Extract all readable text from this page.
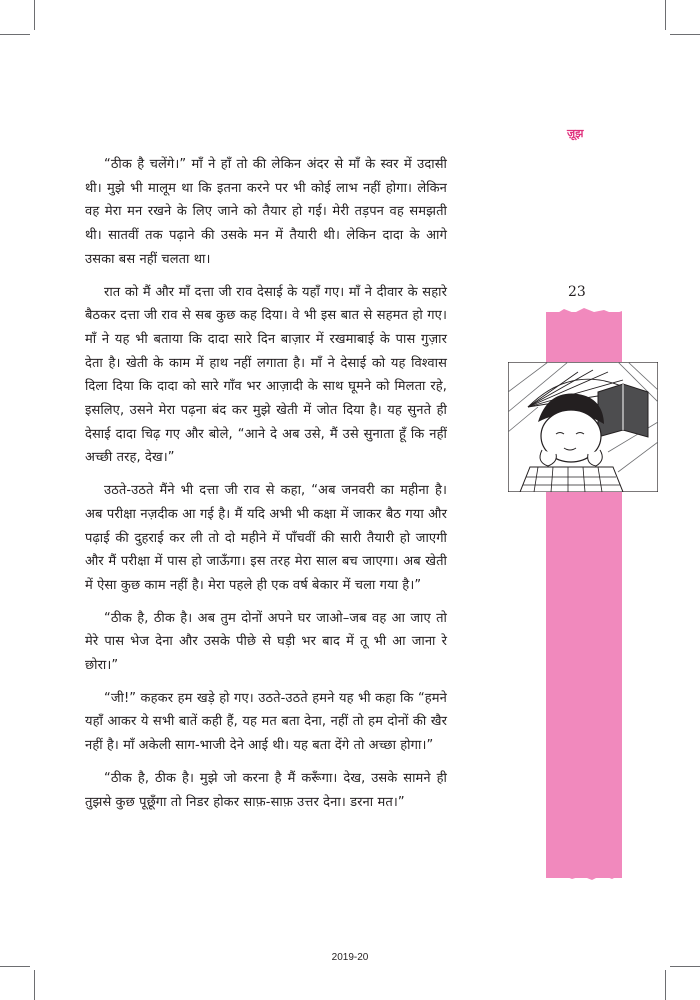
ज़ूझ

“ठीक है चलेंगे।” माँ ने हाँ तो की लेकिन अंदर से माँ के स्वर में उदासी थी। मुझे भी मालूम था कि इतना करने पर भी कोई लाभ नहीं होगा। लेकिन वह मेरा मन रखने के लिए जाने को तैयार हो गई। मेरी तड़पन वह समझती थी। सातवीं तक पढ़ाने की उसके मन में तैयारी थी। लेकिन दादा के आगे उसका बस नहीं चलता था।

रात को मैं और माँ दत्ता जी राव देसाई के यहाँ गए। माँ ने दीवार के सहारे बैठकर दत्ता जी राव से सब कुछ कह दिया। वे भी इस बात से सहमत हो गए। माँ ने यह भी बताया कि दादा सारे दिन बाज़ार में रखमाबाई के पास गुज़ार देता है। खेती के काम में हाथ नहीं लगाता है। माँ ने देसाई को यह विश्वास दिला दिया कि दादा को सारे गाँव भर आज़ादी के साथ घूमने को मिलता रहे, इसलिए, उसने मेरा पढ़ना बंद कर मुझे खेती में जोत दिया है। यह सुनते ही देसाई दादा चिढ़ गए और बोले, “आने दे अब उसे, मैं उसे सुनाता हूँ कि नहीं अच्छी तरह, देख।”

उठते-उठते मैंने भी दत्ता जी राव से कहा, “अब जनवरी का महीना है। अब परीक्षा नज़दीक आ गई है। मैं यदि अभी भी कक्षा में जाकर बैठ गया और पढ़ाई की दुहराई कर ली तो दो महीने में पाँचवीं की सारी तैयारी हो जाएगी और मैं परीक्षा में पास हो जाऊँगा। इस तरह मेरा साल बच जाएगा। अब खेती में ऐसा कुछ काम नहीं है। मेरा पहले ही एक वर्ष बेकार में चला गया है।”

“ठीक है, ठीक है। अब तुम दोनों अपने घर जाओ–जब वह आ जाए तो मेरे पास भेज देना और उसके पीछे से घड़ी भर बाद में तू भी आ जाना रे छोरा।”

“जी!” कहकर हम खड़े हो गए। उठते-उठते हमने यह भी कहा कि “हमने यहाँ आकर ये सभी बातें कही हैं, यह मत बता देना, नहीं तो हम दोनों की खैर नहीं है। माँ अकेली साग-भाजी देने आई थी। यह बता देंगे तो अच्छा होगा।”

“ठीक है, ठीक है। मुझे जो करना है मैं करूँगा। देख, उसके सामने ही तुझसे कुछ पूछूँगा तो निडर होकर साफ़-साफ़ उत्तर देना। डरना मत।”

23
2019-20
